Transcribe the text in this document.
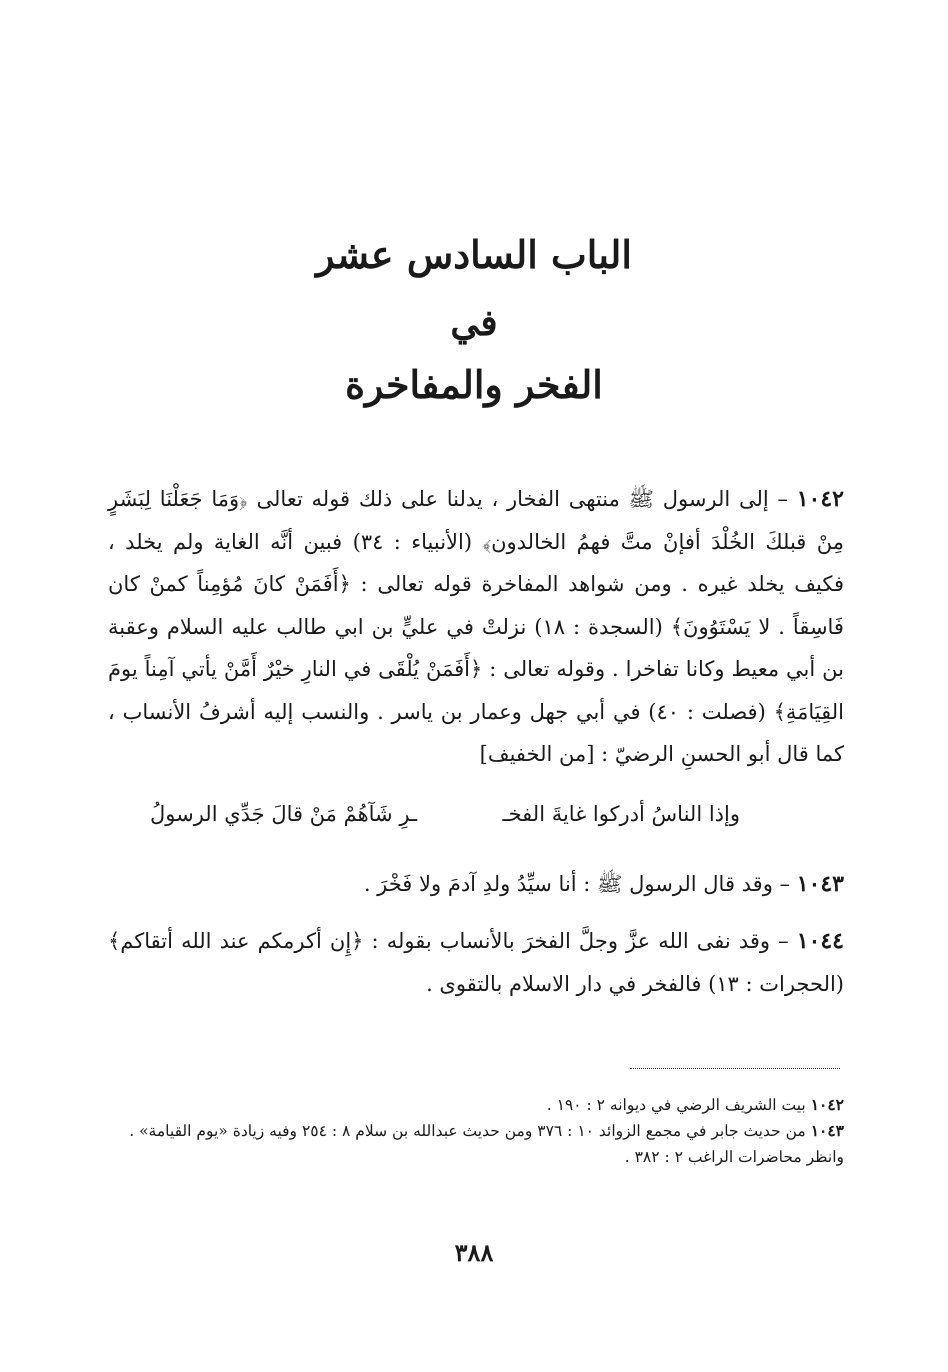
الباب السادس عشر
في
الفخر والمفاخرة
١٠٤٢ – إلى الرسول ﷺ منتهى الفخار ، يدلنا على ذلك قوله تعالى ﴿وَمَا جَعَلْنَا لِبَشَرٍ مِنْ قبلكَ الخُلْدَ أفإنْ متَّ فهمُ الخالدون﴾ (الأنبياء : ٣٤) فبين أنَّه الغاية ولم يخلد ، فكيف يخلد غيره . ومن شواهد المفاخرة قوله تعالى : ﴿أَفَمَنْ كانَ مُؤمِناً كمنْ كان فَاسِقاً . لا يَسْتَوُونَ﴾ (السجدة : ١٨) نزلتْ في عليٍّ بن ابي طالب عليه السلام وعقبة بن أبي معيط وكانا تفاخرا . وقوله تعالى : ﴿أَفَمَنْ يُلْقَى في النارِ خيْرٌ أَمَّنْ يأتي آمِناً يومَ القِيَامَةِ﴾ (فصلت : ٤٠) في أبي جهل وعمار بن ياسر . والنسب إليه أشرفُ الأنساب ، كما قال أبو الحسنِ الرضيّ : [من الخفيف]
وإذا الناسُ أدركوا غايةَ الفخـ
ـرِ شَآهُمْ مَنْ قالَ جَدِّي الرسولُ
١٠٤٣ – وقد قال الرسول ﷺ : أنا سيِّدُ ولدِ آدمَ ولا فَخْرَ .
١٠٤٤ – وقد نفى الله عزَّ وجلَّ الفخرَ بالأنساب بقوله : ﴿إِن أكرمكم عند الله أتقاكم﴾ (الحجرات : ١٣) فالفخر في دار الاسلام بالتقوى .

١٠٤٢ بيت الشريف الرضي في ديوانه ٢ : ١٩٠ .

١٠٤٣ من حديث جابر في مجمع الزوائد ١٠ : ٣٧٦ ومن حديث عبدالله بن سلام ٨ : ٢٥٤ وفيه زيادة «يوم القيامة» . وانظر محاضرات الراغب ٢ : ٣٨٢ .

٣٨٨
